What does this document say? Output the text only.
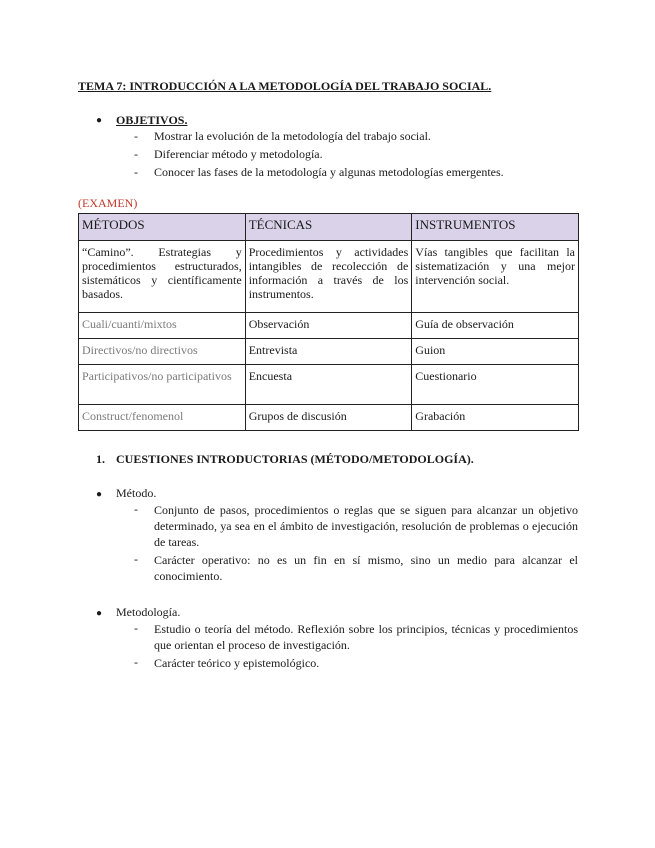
TEMA 7: INTRODUCCIÓN A LA METODOLOGÍA DEL TRABAJO SOCIAL.
● OBJETIVOS.

- Mostrar la evolución de la metodología del trabajo social.

- Diferenciar método y metodología.

- Conocer las fases de la metodología y algunas metodologías emergentes.

(EXAMEN)
MÉTODOS	TÉCNICAS	INSTRUMENTOS
“Camino”. Estrategias y procedimientos estructurados, sistemáticos y científicamente basados.	Procedimientos y actividades intangibles de recolección de información a través de los instrumentos.	Vías tangibles que facilitan la sistematización y una mejor intervención social.
Cuali/cuanti/mixtos	Observación	Guía de observación
Directivos/no directivos	Entrevista	Guion
Participativos/no participativos	Encuesta	Cuestionario
Construct/fenomenol	Grupos de discusión	Grabación
1. CUESTIONES INTRODUCTORIAS (MÉTODO/METODOLOGÍA).
● Método.

- Conjunto de pasos, procedimientos o reglas que se siguen para alcanzar un objetivo determinado, ya sea en el ámbito de investigación, resolución de problemas o ejecución de tareas.

- Carácter operativo: no es un fin en sí mismo, sino un medio para alcanzar el conocimiento.

● Metodología.

- Estudio o teoría del método. Reflexión sobre los principios, técnicas y procedimientos que orientan el proceso de investigación.

- Carácter teórico y epistemológico.
